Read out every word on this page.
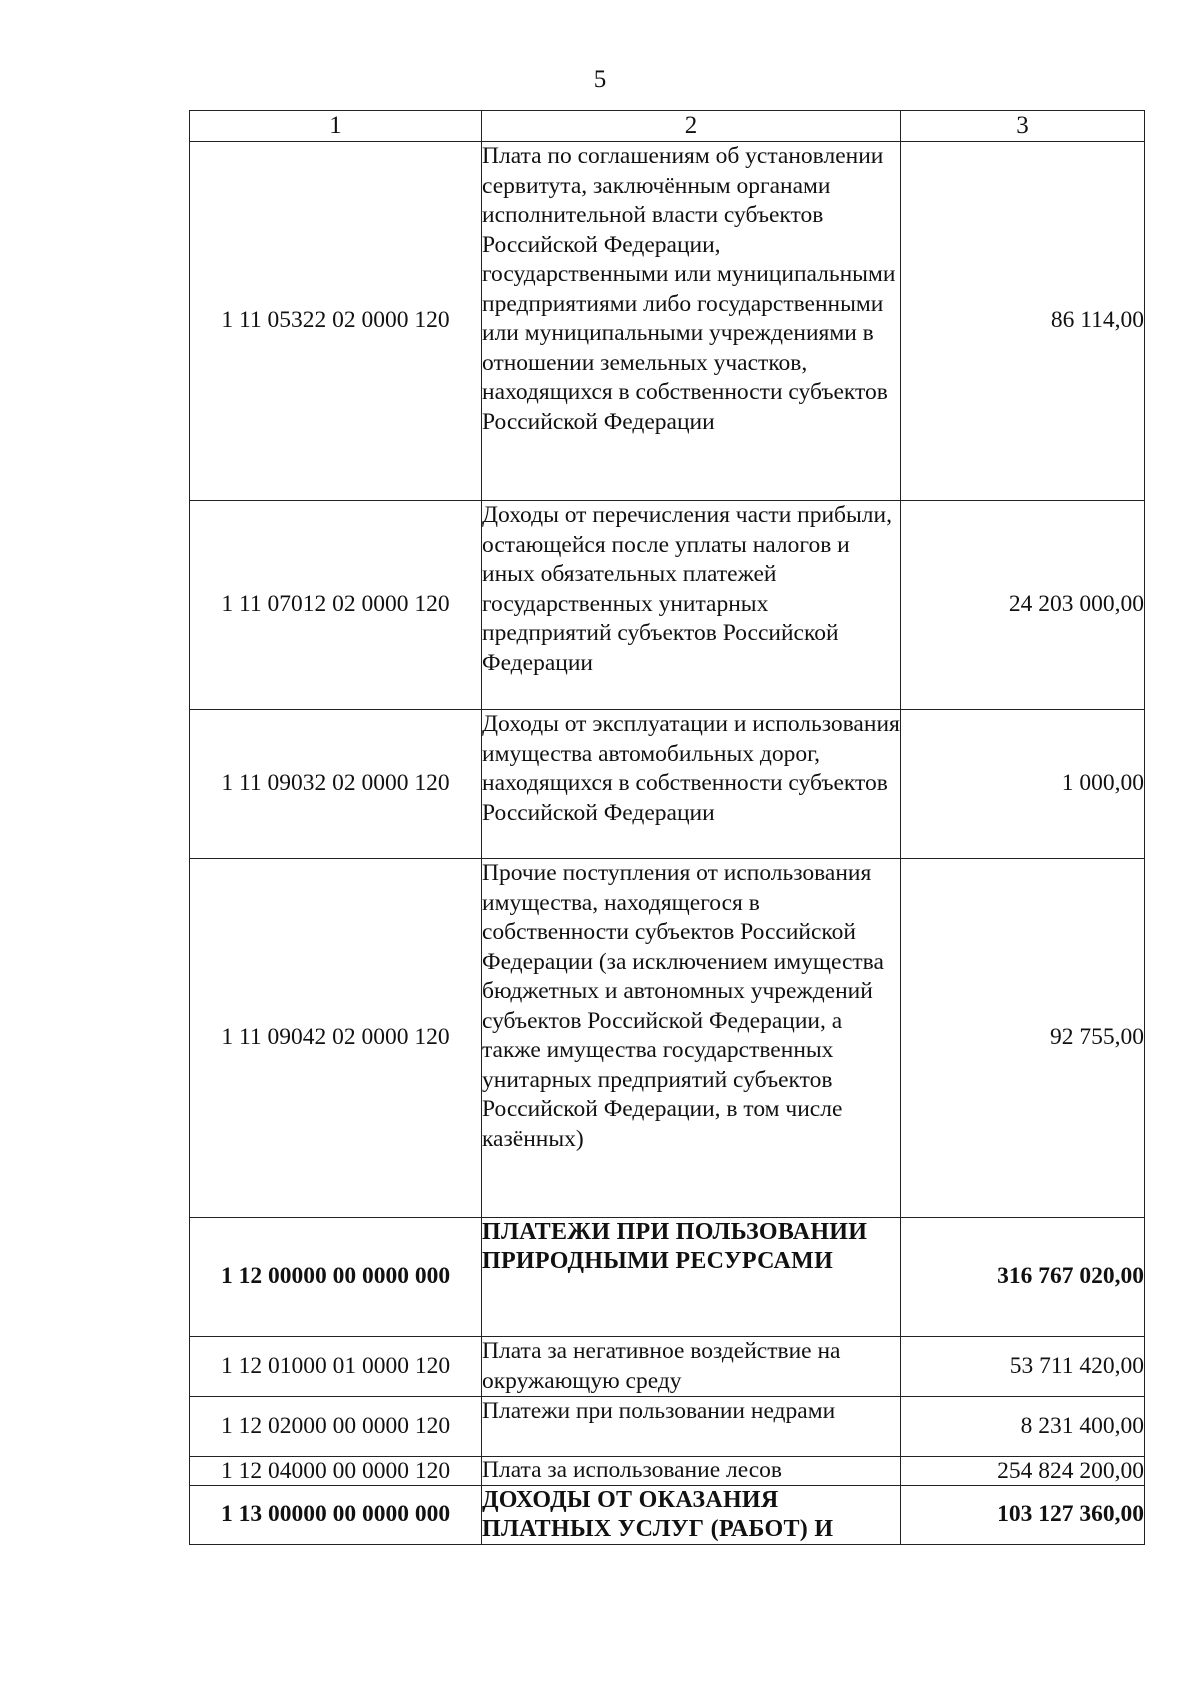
5
1	2	3
1 11 05322 02 0000 120	Плата по соглашениям об установлении сервитута, заключённым органами исполнительной власти субъектов Российской Федерации, государственными или муниципальными предприятиями либо государственными или муниципальными учреждениями в отношении земельных участков, находящихся в собственности субъектов Российской Федерации	86 114,00
1 11 07012 02 0000 120	Доходы от перечисления части прибыли, остающейся после уплаты налогов и иных обязательных платежей государственных унитарных предприятий субъектов Российской Федерации	24 203 000,00
1 11 09032 02 0000 120	Доходы от эксплуатации и использования имущества автомобильных дорог, находящихся в собственности субъектов Российской Федерации	1 000,00
1 11 09042 02 0000 120	Прочие поступления от использования имущества, находящегося в собственности субъектов Российской Федерации (за исключением имущества бюджетных и автономных учреждений субъектов Российской Федерации, а также имущества государственных унитарных предприятий субъектов Российской Федерации, в том числе казённых)	92 755,00
1 12 00000 00 0000 000	ПЛАТЕЖИ ПРИ ПОЛЬЗОВАНИИ ПРИРОДНЫМИ РЕСУРСАМИ	316 767 020,00
1 12 01000 01 0000 120	Плата за негативное воздействие на окружающую среду	53 711 420,00
1 12 02000 00 0000 120	Платежи при пользовании недрами	8 231 400,00
1 12 04000 00 0000 120	Плата за использование лесов	254 824 200,00
1 13 00000 00 0000 000	ДОХОДЫ ОТ ОКАЗАНИЯ ПЛАТНЫХ УСЛУГ (РАБОТ) И	103 127 360,00
